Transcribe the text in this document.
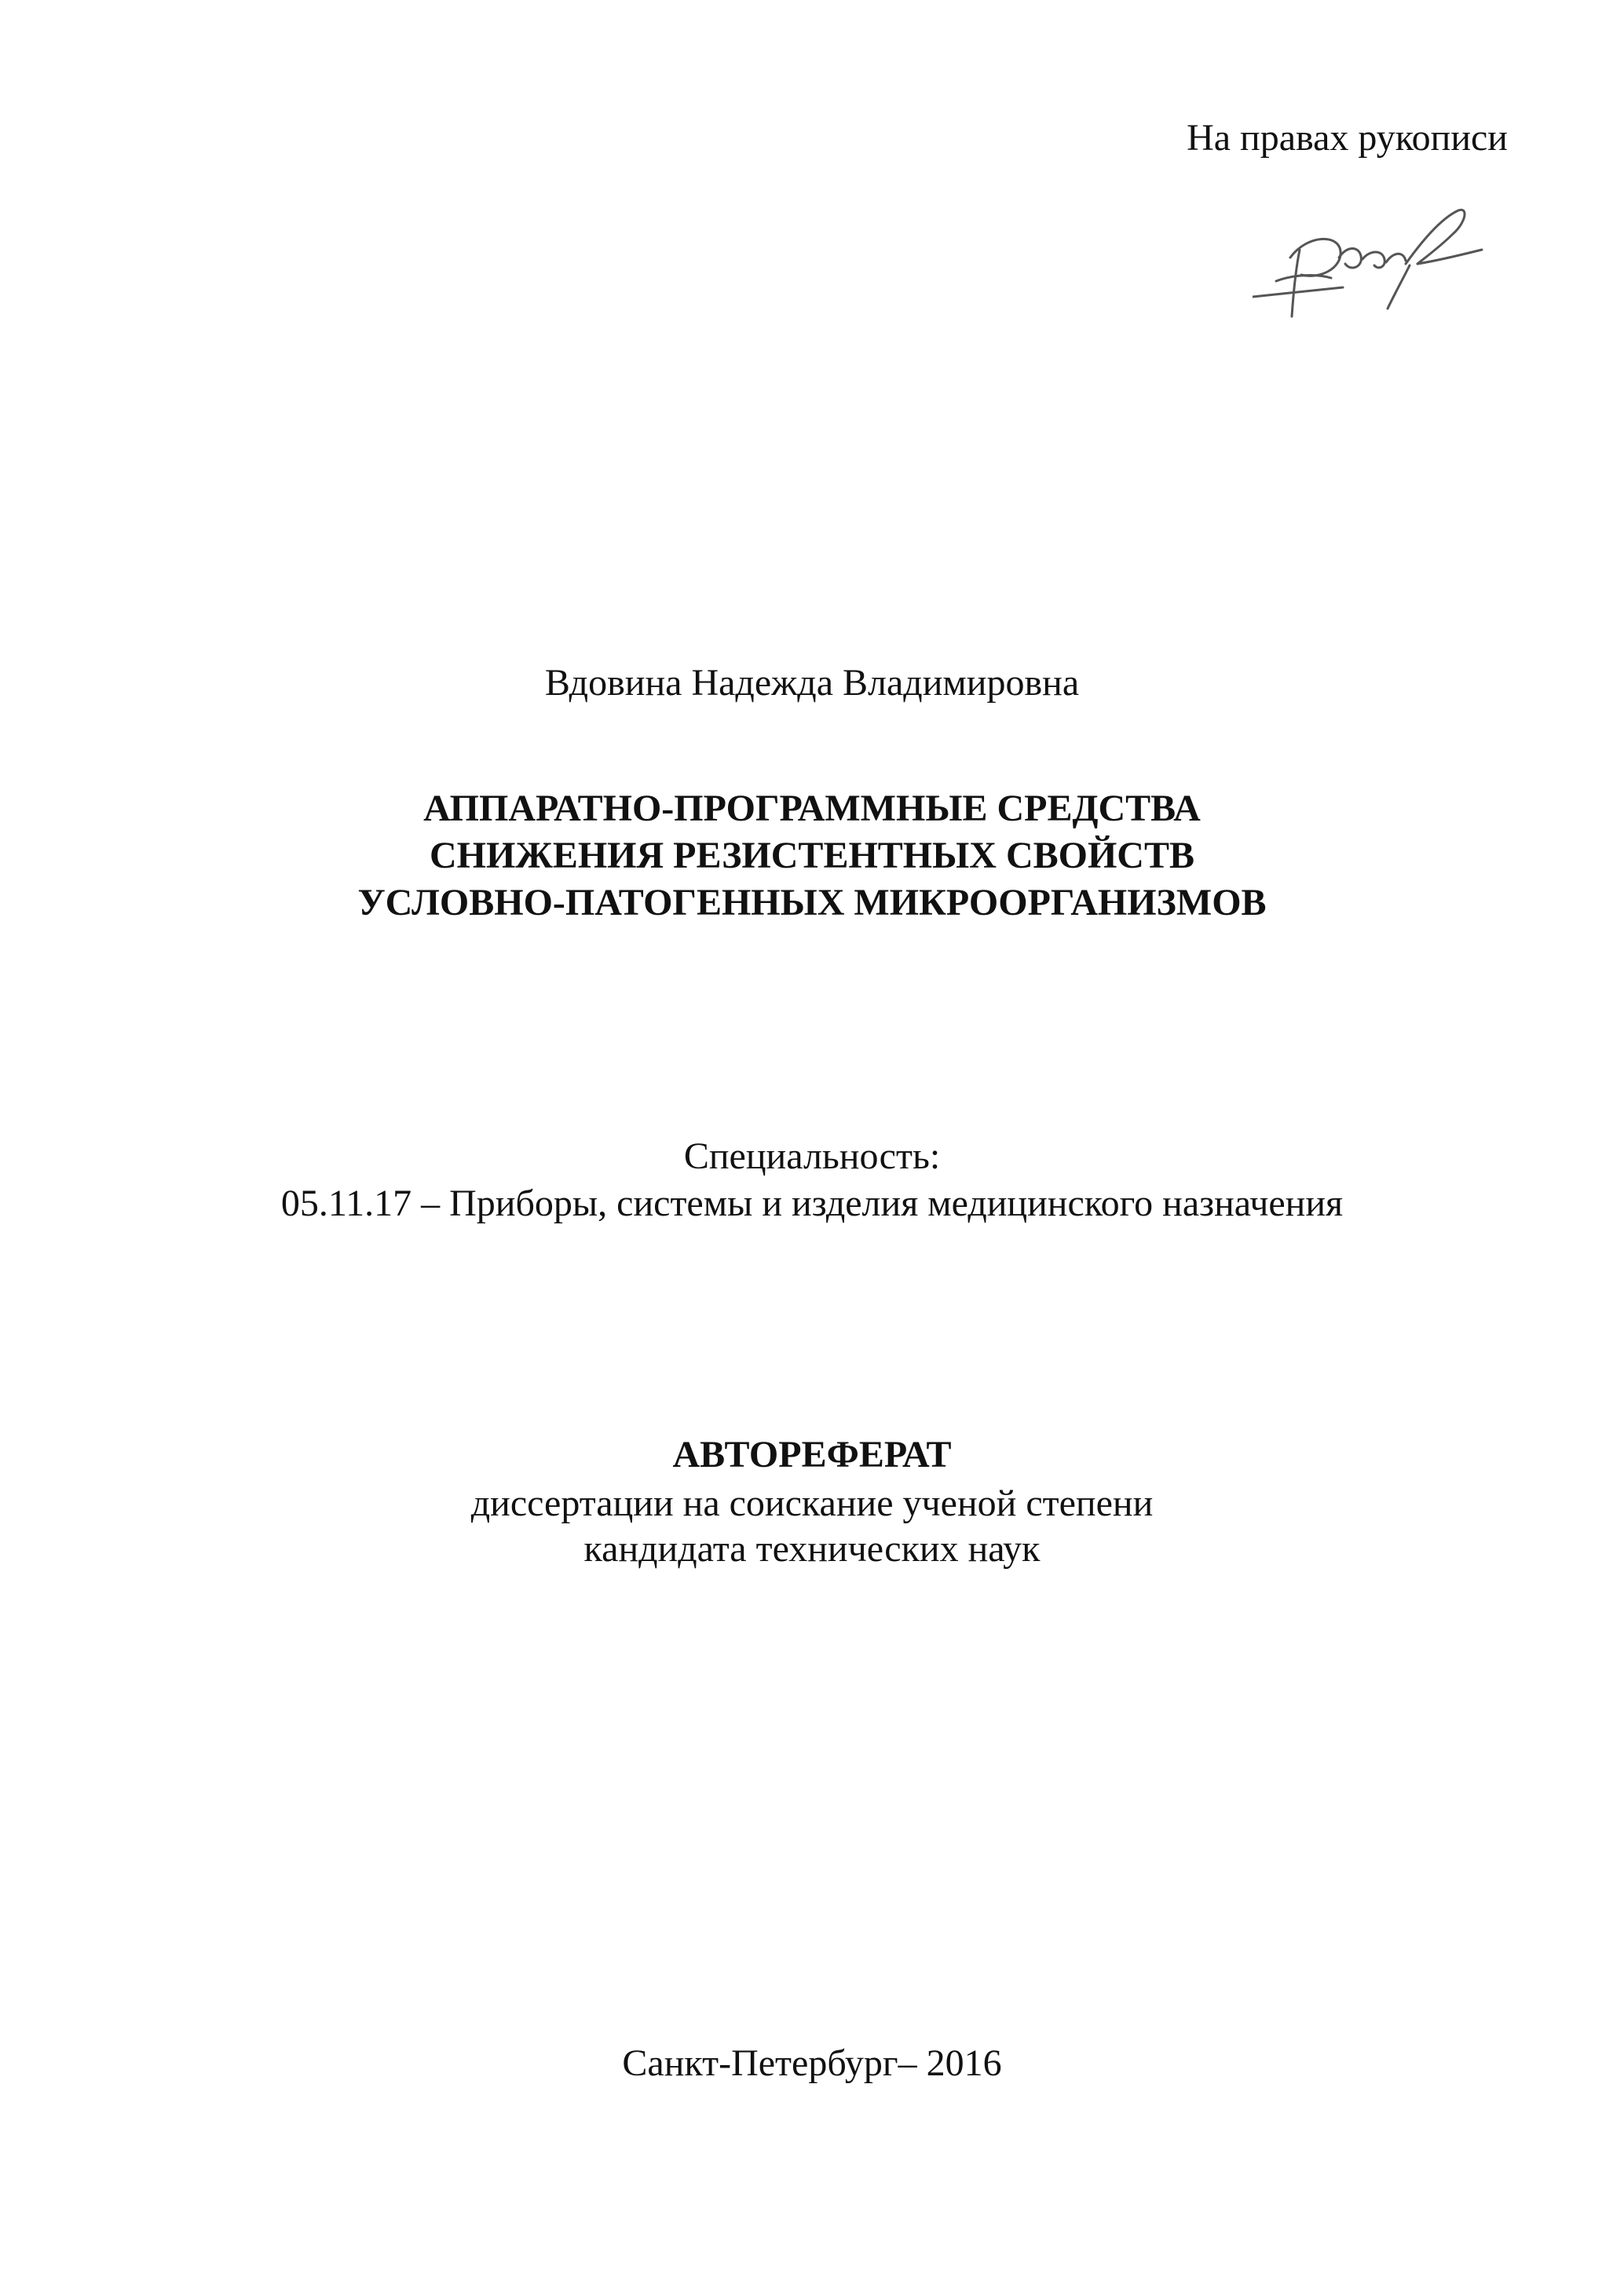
На правах рукописи
Вдовина Надежда Владимировна
АППАРАТНО-ПРОГРАММНЫЕ СРЕДСТВА
СНИЖЕНИЯ РЕЗИСТЕНТНЫХ СВОЙСТВ
УСЛОВНО-ПАТОГЕННЫХ МИКРООРГАНИЗМОВ
Специальность:
05.11.17 – Приборы, системы и изделия медицинского назначения
АВТОРЕФЕРАТ
диссертации на соискание ученой степени
кандидата технических наук
Санкт-Петербург– 2016
